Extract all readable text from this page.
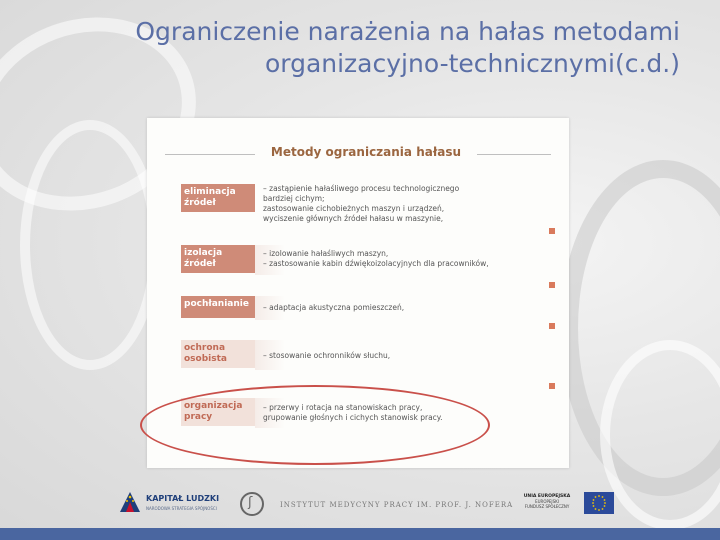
Ograniczenie narażenia na hałas metodami
organizacyjno-technicznymi(c.d.)
Metody ograniczania hałasu
eliminacja
źródeł
– zastąpienie hałaśliwego procesu technologicznego
bardziej cichym;
zastosowanie cichobieżnych maszyn i urządzeń,
wyciszenie głównych źródeł hałasu w maszynie,
izolacja
źródeł
– izolowanie hałaśliwych maszyn,
– zastosowanie kabin dźwiękoizolacyjnych dla pracowników,
pochłanianie	– adaptacja akustyczna pomieszczeń,
ochrona
osobista	– stosowanie ochronników słuchu,
organizacja
pracy
– przerwy i rotacja na stanowiskach pracy,
grupowanie głośnych i cichych stanowisk pracy.
KAPITAŁ LUDZKI
NARODOWA STRATEGIA SPÓJNOŚCI ʃ	INSTYTUT MEDYCYNY PRACY IM. PROF. J. NOFERA
UNIA EUROPEJSKA
EUROPEJSKI
FUNDUSZ SPOŁECZNY
